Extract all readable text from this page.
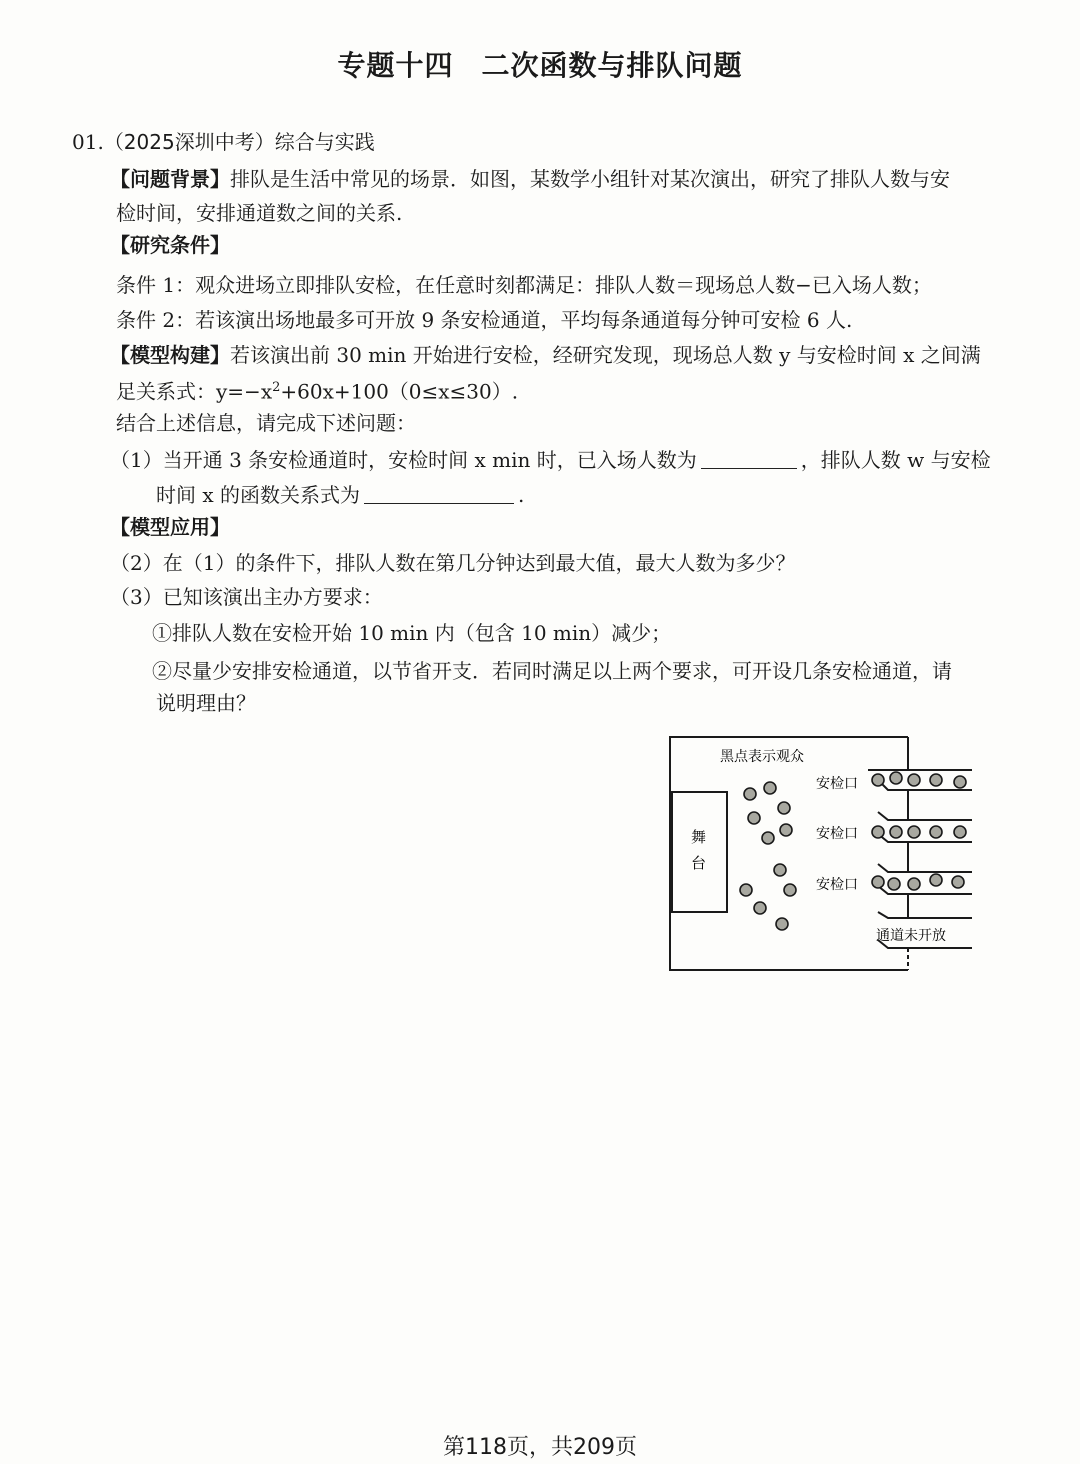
专题十四 二次函数与排队问题
01.（2025深圳中考）综合与实践
【问题背景】排队是生活中常见的场景．如图，某数学小组针对某次演出，研究了排队人数与安
检时间，安排通道数之间的关系.
【研究条件】
条件 1：观众进场立即排队安检，在任意时刻都满足：排队人数＝现场总人数−已入场人数；
条件 2：若该演出场地最多可开放 9 条安检通道，平均每条通道每分钟可安检 6 人.
【模型构建】若该演出前 30 min 开始进行安检，经研究发现，现场总人数 y 与安检时间 x 之间满
足关系式：$y=-x^2+60x+100(0\le x\le 30)$.
结合上述信息，请完成下述问题：
（1）当开通 3 条安检通道时，安检时间 x min 时，已入场人数为	，排队人数 w 与安检
时间 x 的函数关系式为	.
【模型应用】
（2）在（1）的条件下，排队人数在第几分钟达到最大值，最大人数为多少？
（3）已知该演出主办方要求：
①排队人数在安检开始 10 min 内（包含 10 min）减少；
②尽量少安排安检通道，以节省开支．若同时满足以上两个要求，可开设几条安检通道，请
说明理由？
黑点表示观众
舞
台
安检口
安检口
安检口
通道未开放
第118页，共209页
